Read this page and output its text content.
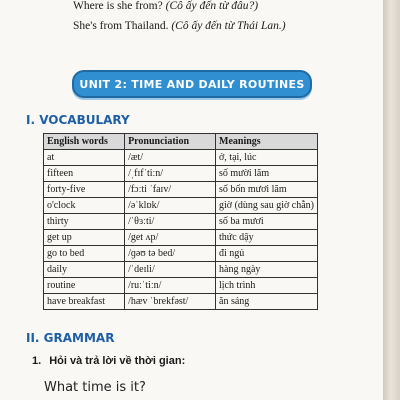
Where is she from? (Cô ấy đến từ đâu?)
She's from Thailand. (Cô ấy đến từ Thái Lan.)
UNIT 2: TIME AND DAILY ROUTINES
I. VOCABULARY
English words	Pronunciation	Meanings
at	/æt/	ở, tại, lúc
fifteen	/ˌfɪfˈtiːn/	số mười lăm
forty-five	/fɔːti ˈfaɪv/	số bốn mươi lăm
o'clock	/əˈklɒk/	giờ (dùng sau giờ chẵn)
thirty	/ˈθɜːti/	số ba mươi
get up	/get ʌp/	thức dậy
go to bed	/ɡəʊ tə bed/	đi ngủ
daily	/ˈdeɪli/	hàng ngày
routine	/ruːˈtiːn/	lịch trình
have breakfast	/hæv ˈbrekfəst/	ăn sáng
II. GRAMMAR
1. Hỏi và trả lời về thời gian:
What time is it?
